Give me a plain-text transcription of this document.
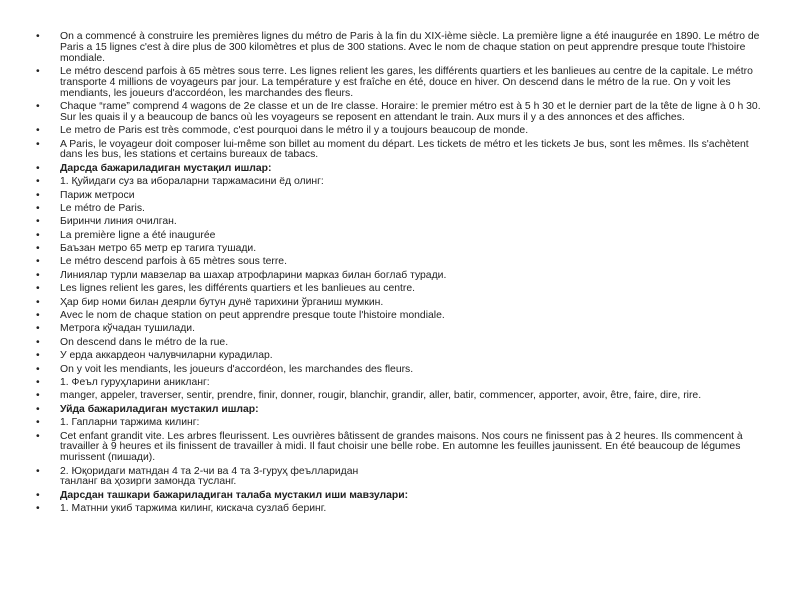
• On a commencé à construire les premières lignes du métro de Paris à la fin du XIX-ième siècle. La première ligne a été inaugurée en 1890. Le métro de Paris a 15 lignes c'est à dire plus de 300 kilomètres et plus de 300 stations. Avec le nom de chaque station on peut apprendre presque toute l'histoire mondiale.
• Le métro descend parfois à 65 mètres sous terre. Les lignes relient les gares, les différents quartiers et les banlieues au centre de la capitale. Le métro transporte 4 millions de voyageurs par jour. La température y est fraîche en été, douce en hiver. On descend dans le métro de la rue. On y voit les mendiants, les joueurs d'accordéon, les marchandes des fleurs.
• Chaque “rame” comprend 4 wagons de 2e classe et un de Ire classe. Horaire: le premier métro est à 5 h 30 et le dernier part de la tête de ligne à 0 h 30. Sur les quais il y a beaucoup de bancs où les voyageurs se reposent en attendant le train. Aux murs il y a des annonces et des affiches.
• Le metro de Paris est très commode, c'est pourquoi dans le métro il y a toujours beaucoup de monde.
• A Paris, le voyageur doit composer lui-même son billet au moment du départ. Les tickets de métro et les tickets Je bus, sont les mêmes. Ils s'achètent dans les bus, les stations et certains bureaux de tabacs.
• Дарсда бажариладиган мустақил ишлар:
• 1. Қуйидаги суз ва иборaларни таржамасини ёд олинг:
• Париж метроси
• Le métro de Paris.
• Биринчи линия очилган.
• La première ligne a été inaugurée
• Баъзан метро 65 метр ер тагига тушади.
• Le métro descend parfois à 65 mètres sous terre.
• Линиялар турли мавзелар ва шахар атрофларини марказ билан боглаб туради.
• Les lignes relient les gares, les différents quartiers et les banlieues au centre.
• Ҳар бир номи билан деярли бутун дунё тарихини ўрганиш мумкин.
• Avec le nom de chaque station on peut apprendre presque toute l'histoire mondiale.
• Метрога кўчадан тушилади.
• On descend dans le métro de la rue.
• У ерда аккардеон чалувчиларни курадилар.
• On y voit les mendiants, les joueurs d'accordéon, les marchandes des fleurs.
• 1. Феъл гуруҳларини аникланг:
• manger, appeler, traverser, sentir, prendre, finir, donner, rougir, blanchir, grandir, aller, batir, commencer, apporter, avoir, être, faire, dire, rire.
• Уйда бажариладиган мустакил ишлар:
• 1. Гапларни таржима килинг:
• Cet enfant grandit vite. Les arbres fleurissent. Les ouvrières bâtissent de grandes maisons. Nos cours ne finissent pas à 2 heures. Ils commencent à travailler à 9 heures et ils finissent de travailler à midi. Il faut choisir une belle robe. En automne les feuilles jaunissent. En été beaucoup de légumes murissent (пишади).
• 2. Юқоридаги матндан 4 та 2-чи ва 4 та 3-гуруҳ феъллaридан
танланг ва ҳозирги замонда тусланг.
• Дарсдан ташкари бажариладиган талаба мустакил иши мавзулари:
• 1. Матнни укиб таржима килинг, кискача сузлаб беринг.
